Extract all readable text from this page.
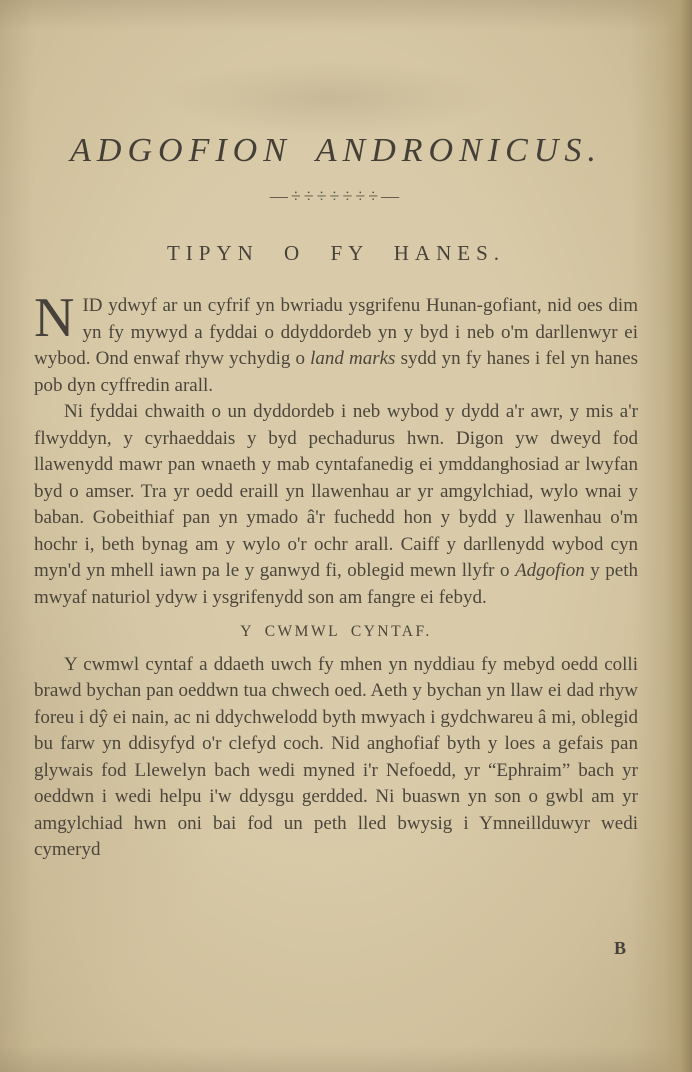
ADGOFION ANDRONICUS.
—÷÷÷÷÷÷÷—
TIPYN O FY HANES.

NID ydwyf ar un cyfrif yn bwriadu ysgrifenu Hunan-gofiant, nid oes dim yn fy mywyd a fyddai o ddyddordeb yn y byd i neb o'm darllenwyr ei wybod. Ond enwaf rhyw ychydig o land marks sydd yn fy hanes i fel yn hanes pob dyn cyffredin arall.

Ni fyddai chwaith o un dyddordeb i neb wybod y dydd a'r awr, y mis a'r flwyddyn, y cyrhaeddais y byd pechadurus hwn. Digon yw dweyd fod llawenydd mawr pan wnaeth y mab cyntafanedig ei ymddanghosiad ar lwyfan byd o amser. Tra yr oedd eraill yn llawenhau ar yr amgylchiad, wylo wnai y baban. Gobeithiaf pan yn ymado â'r fuchedd hon y bydd y llawenhau o'm hochr i, beth bynag am y wylo o'r ochr arall. Caiff y darllenydd wybod cyn myn'd yn mhell iawn pa le y ganwyd fi, oblegid mewn llyfr o Adgofion y peth mwyaf naturiol ydyw i ysgrifenydd son am fangre ei febyd.

Y CWMWL CYNTAF.

Y cwmwl cyntaf a ddaeth uwch fy mhen yn nyddiau fy mebyd oedd colli brawd bychan pan oeddwn tua chwech oed. Aeth y bychan yn llaw ei dad rhyw foreu i dŷ ei nain, ac ni ddychwelodd byth mwyach i gydchwareu â mi, oblegid bu farw yn ddisyfyd o'r clefyd coch. Nid anghofiaf byth y loes a gefais pan glywais fod Llewelyn bach wedi myned i'r Nefoedd, yr “Ephraim” bach yr oeddwn i wedi helpu i'w ddysgu gerdded. Ni buaswn yn son o gwbl am yr amgylchiad hwn oni bai fod un peth lled bwysig i Ymneillduwyr wedi cymeryd

B
